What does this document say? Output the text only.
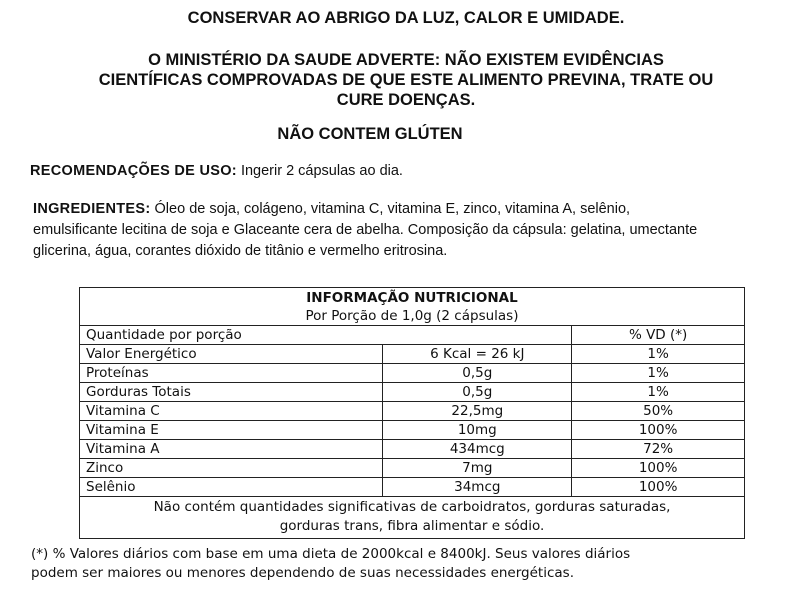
CONSERVAR AO ABRIGO DA LUZ, CALOR E UMIDADE.
O MINISTÉRIO DA SAUDE ADVERTE: NÃO EXISTEM EVIDÊNCIAS
CIENTÍFICAS COMPROVADAS DE QUE ESTE ALIMENTO PREVINA, TRATE OU
CURE DOENÇAS.
NÃO CONTEM GLÚTEN
RECOMENDAÇÕES DE USO: Ingerir 2 cápsulas ao dia.
INGREDIENTES: Óleo de soja, colágeno, vitamina C, vitamina E, zinco, vitamina A, selênio,
emulsificante lecitina de soja e Glaceante cera de abelha. Composição da cápsula: gelatina, umectante
glicerina, água, corantes dióxido de titânio e vermelho eritrosina.
INFORMAÇÃO NUTRICIONAL		
Por Porção de 1,0g (2 cápsulas)		
Quantidade por porção		% VD (*)
Valor Energético	6 Kcal = 26 kJ	1%
Proteínas	0,5g	1%
Gorduras Totais	0,5g	1%
Vitamina C	22,5mg	50%
Vitamina E	10mg	100%
Vitamina A	434mcg	72%
Zinco	7mg	100%
Selênio	34mcg	100%

Não contém quantidades significativas de carboidratos, gorduras saturadas,
gorduras trans, fibra alimentar e sódio.		
(*) % Valores diários com base em uma dieta de 2000kcal e 8400kJ. Seus valores diários
podem ser maiores ou menores dependendo de suas necessidades energéticas.
